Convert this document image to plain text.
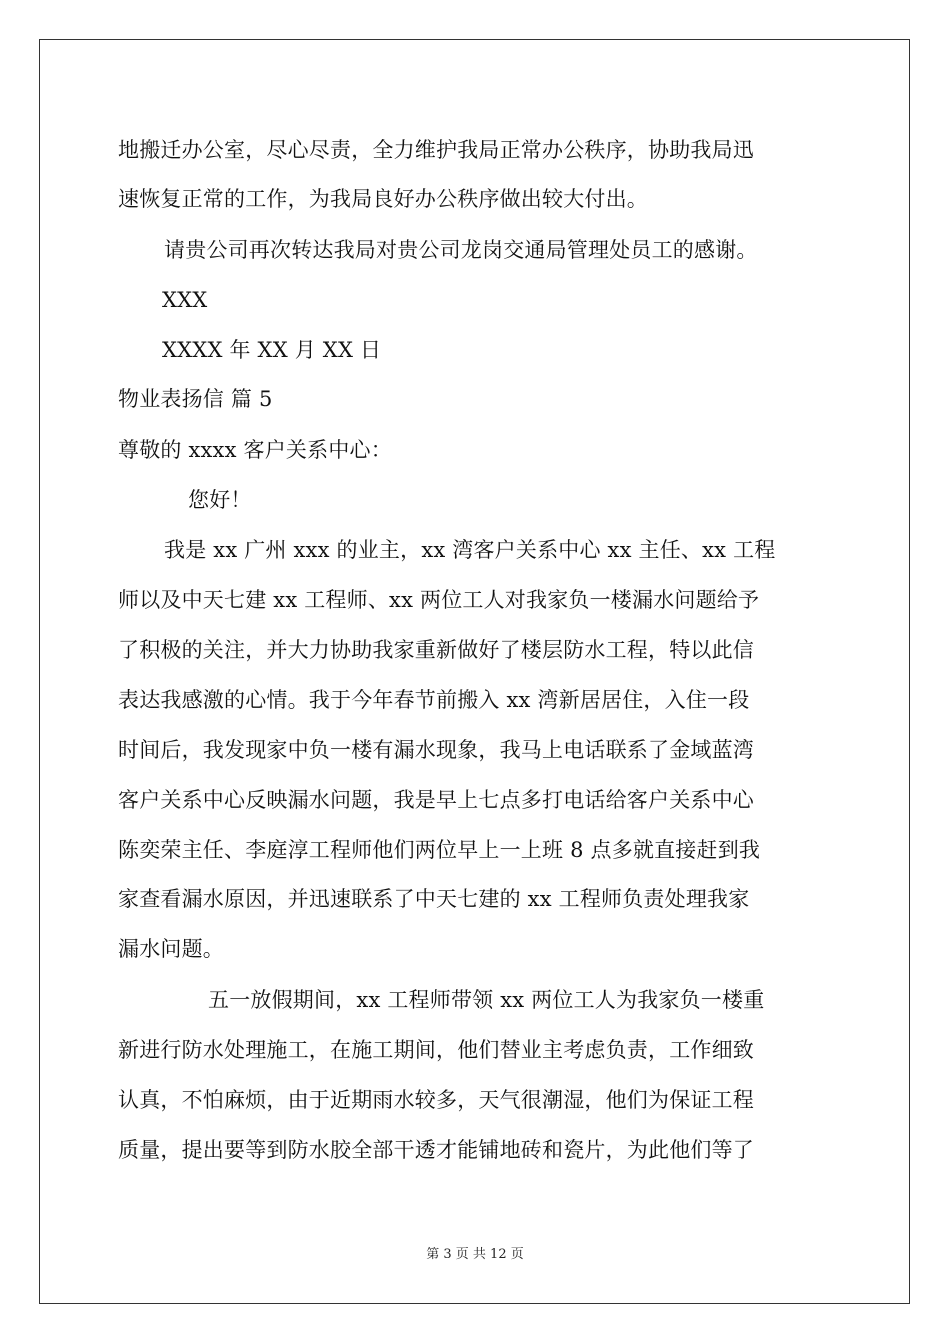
地搬迁办公室，尽心尽责，全力维护我局正常办公秩序，协助我局迅
速恢复正常的工作，为我局良好办公秩序做出较大付出。
请贵公司再次转达我局对贵公司龙岗交通局管理处员工的感谢。
XXX
XXXX 年 XX 月 XX 日
物业表扬信 篇 5
尊敬的 xxxx 客户关系中心：
您好！
我是 xx 广州 xxx 的业主，xx 湾客户关系中心 xx 主任、xx 工程
师以及中天七建 xx 工程师、xx 两位工人对我家负一楼漏水问题给予
了积极的关注，并大力协助我家重新做好了楼层防水工程，特以此信
表达我感激的心情。我于今年春节前搬入 xx 湾新居居住，入住一段
时间后，我发现家中负一楼有漏水现象，我马上电话联系了金域蓝湾
客户关系中心反映漏水问题，我是早上七点多打电话给客户关系中心
陈奕荣主任、李庭淳工程师他们两位早上一上班 8 点多就直接赶到我
家查看漏水原因，并迅速联系了中天七建的 xx 工程师负责处理我家
漏水问题。
五一放假期间，xx 工程师带领 xx 两位工人为我家负一楼重
新进行防水处理施工，在施工期间，他们替业主考虑负责，工作细致
认真，不怕麻烦，由于近期雨水较多，天气很潮湿，他们为保证工程
质量，提出要等到防水胶全部干透才能铺地砖和瓷片，为此他们等了
第 3 页 共 12 页
